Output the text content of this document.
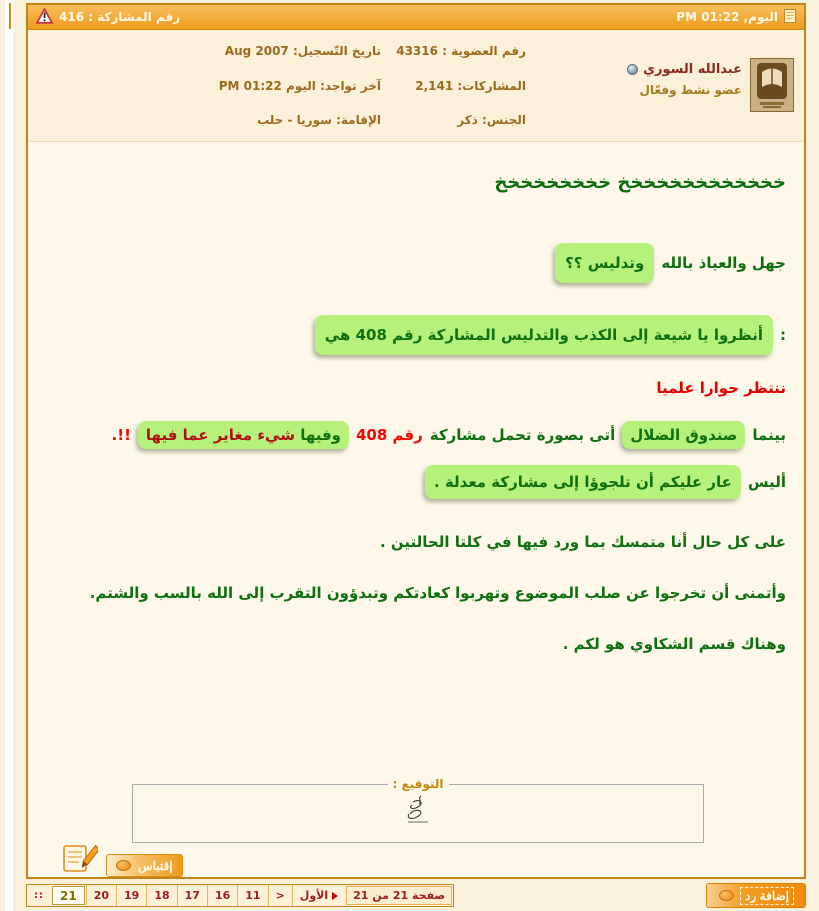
اليوم, 01:22 PM
رقم المشاركة : 416
عبدالله السوري
عضو نشط وفعّال
رقم العضوية : 43316
تاريخ التّسجيل: Aug 2007
المشاركات: 2,141
آخر تواجد: اليوم 01:22 PM
الجنس: ذكر
الإقامة: سوريا - حلب
خخخخخخخخخخخخخ خخخخخخخخخ
جهل والعياذ بالله
وتدليس ؟؟
:
أنظروا يا شيعة إلى الكذب والتدليس المشاركة رقم 408 هي
ننتظر حوارا علميا
بينما
صندوق الضلال
أتى بصورة تحمل مشاركة
رقم 408
وفيها شيء مغاير عما فيها
!!.
أليس
عار عليكم أن تلجوؤا إلى مشاركة معدلة .
على كل حال أنا متمسك بما ورد فيها في كلتا الحالتين .
وأتمنى أن تخرجوا عن صلب الموضوع وتهربوا كعادتكم وتبدؤون التقرب إلى الله بالسب والشتم.
وهناك قسم الشكاوي هو لكم .
التوقيع :
إقتباس
إضافة رد
صفحة 21 من 21
الأول
>
11
16
17
18
19
20
21
::
